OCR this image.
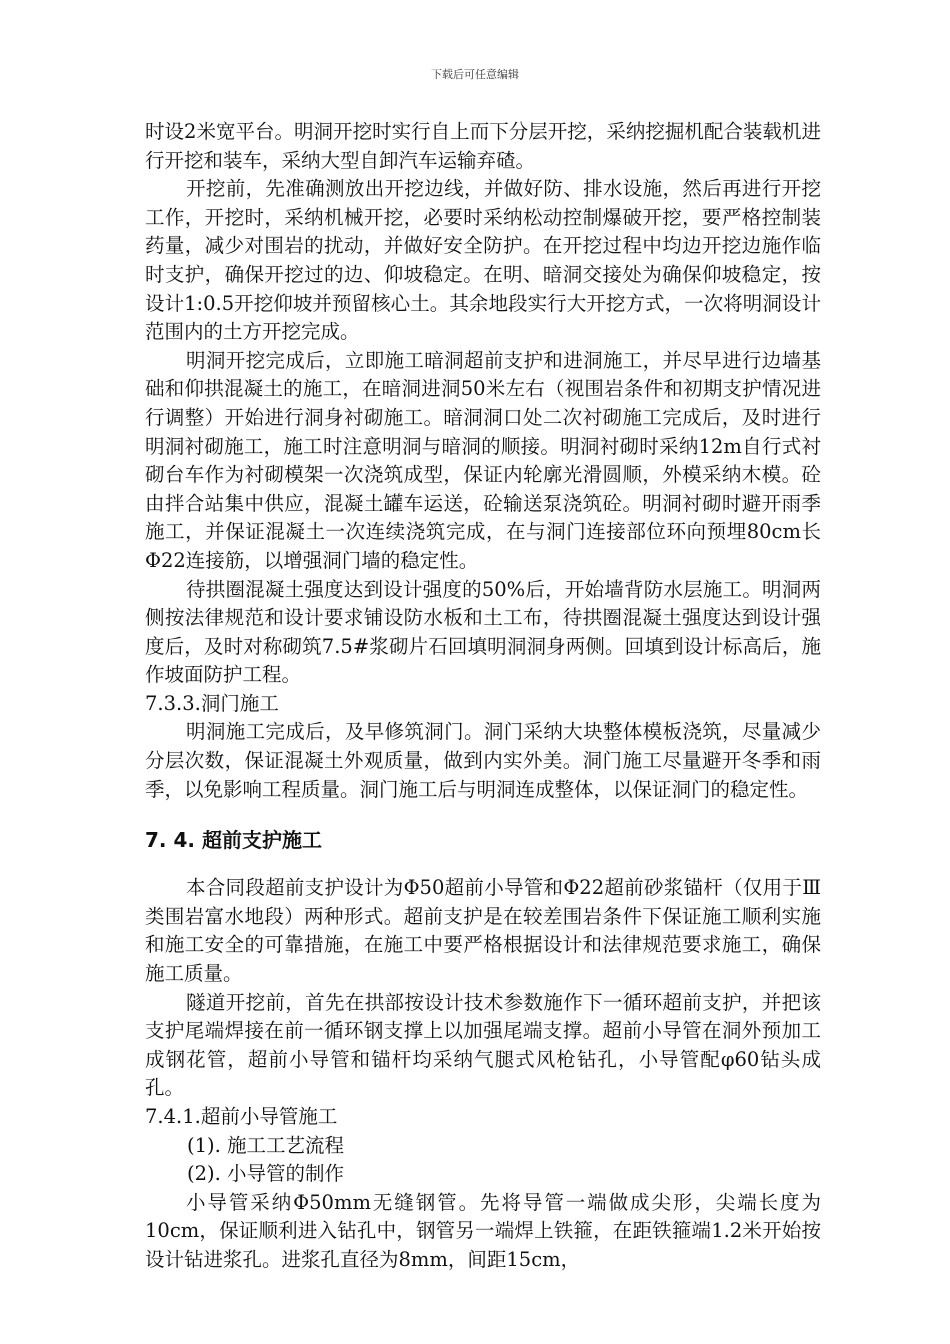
下载后可任意编辑

时设2米宽平台。明洞开挖时实行自上而下分层开挖，采纳挖掘机配合装载机进行开挖和装车，采纳大型自卸汽车运输弃碴。

开挖前，先准确测放出开挖边线，并做好防、排水设施，然后再进行开挖工作，开挖时，采纳机械开挖，必要时采纳松动控制爆破开挖，要严格控制装药量，减少对围岩的扰动，并做好安全防护。在开挖过程中均边开挖边施作临时支护，确保开挖过的边、仰坡稳定。在明、暗洞交接处为确保仰坡稳定，按设计1:0.5开挖仰坡并预留核心土。其余地段实行大开挖方式，一次将明洞设计范围内的土方开挖完成。

明洞开挖完成后，立即施工暗洞超前支护和进洞施工，并尽早进行边墙基础和仰拱混凝土的施工，在暗洞进洞50米左右（视围岩条件和初期支护情况进行调整）开始进行洞身衬砌施工。暗洞洞口处二次衬砌施工完成后，及时进行明洞衬砌施工，施工时注意明洞与暗洞的顺接。明洞衬砌时采纳12m自行式衬砌台车作为衬砌模架一次浇筑成型，保证内轮廓光滑圆顺，外模采纳木模。砼由拌合站集中供应，混凝土罐车运送，砼输送泵浇筑砼。明洞衬砌时避开雨季施工，并保证混凝土一次连续浇筑完成，在与洞门连接部位环向预埋80cm长Φ22连接筋，以增强洞门墙的稳定性。

待拱圈混凝土强度达到设计强度的50%后，开始墙背防水层施工。明洞两侧按法律规范和设计要求铺设防水板和土工布，待拱圈混凝土强度达到设计强度后，及时对称砌筑7.5#浆砌片石回填明洞洞身两侧。回填到设计标高后，施作坡面防护工程。

7.3.3.洞门施工

明洞施工完成后，及早修筑洞门。洞门采纳大块整体模板浇筑，尽量减少分层次数，保证混凝土外观质量，做到内实外美。洞门施工尽量避开冬季和雨季，以免影响工程质量。洞门施工后与明洞连成整体，以保证洞门的稳定性。

7. 4. 超前支护施工

本合同段超前支护设计为Φ50超前小导管和Φ22超前砂浆锚杆（仅用于Ⅲ类围岩富水地段）两种形式。超前支护是在较差围岩条件下保证施工顺利实施和施工安全的可靠措施，在施工中要严格根据设计和法律规范要求施工，确保施工质量。

隧道开挖前，首先在拱部按设计技术参数施作下一循环超前支护，并把该支护尾端焊接在前一循环钢支撑上以加强尾端支撑。超前小导管在洞外预加工成钢花管，超前小导管和锚杆均采纳气腿式风枪钻孔，小导管配φ60钻头成孔。

7.4.1.超前小导管施工

(1). 施工工艺流程

(2). 小导管的制作

小导管采纳Φ50mm无缝钢管。先将导管一端做成尖形，尖端长度为10cm，保证顺利进入钻孔中，钢管另一端焊上铁箍，在距铁箍端1.2米开始按设计钻进浆孔。进浆孔直径为8mm，间距15cm，
